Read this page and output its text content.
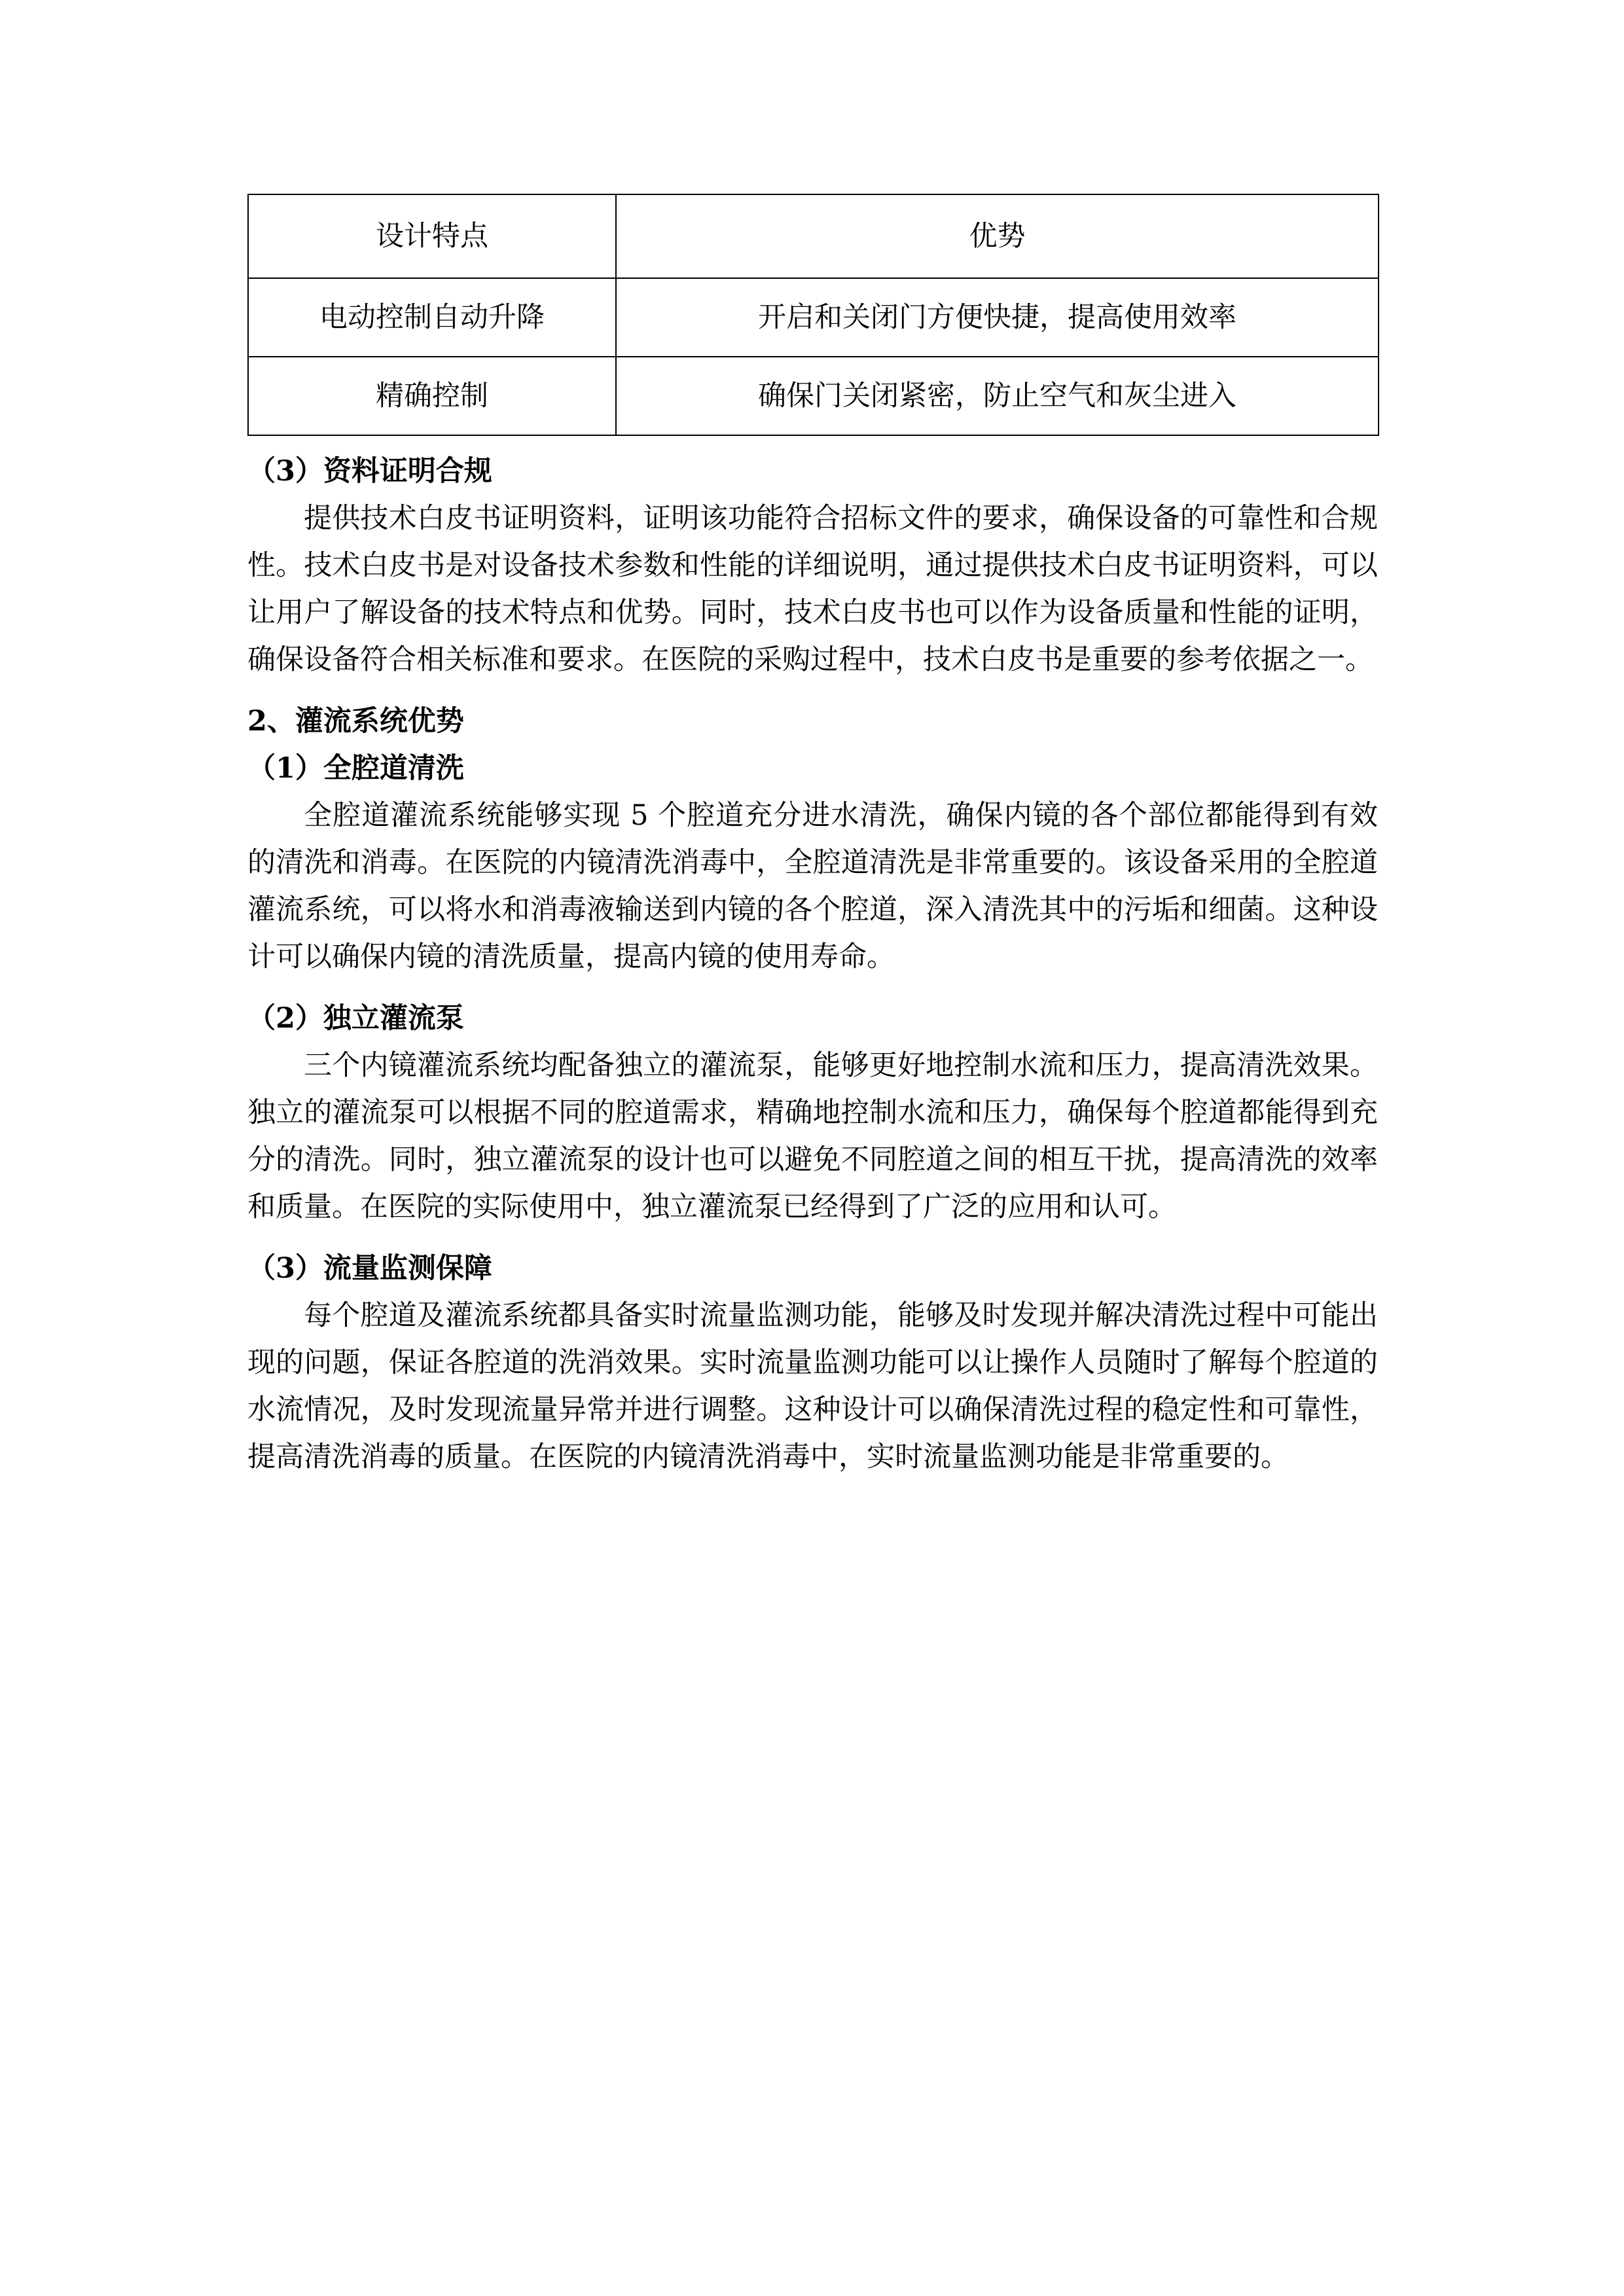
设计特点	优势
电动控制自动升降	开启和关闭门方便快捷，提高使用效率
精确控制	确保门关闭紧密，防止空气和灰尘进入
（3）资料证明合规

提供技术白皮书证明资料，证明该功能符合招标文件的要求，确保设备的可靠性和合规性。技术白皮书是对设备技术参数和性能的详细说明，通过提供技术白皮书证明资料，可以让用户了解设备的技术特点和优势。同时，技术白皮书也可以作为设备质量和性能的证明，确保设备符合相关标准和要求。在医院的采购过程中，技术白皮书是重要的参考依据之一。

2、灌流系统优势
（1）全腔道清洗

全腔道灌流系统能够实现 5 个腔道充分进水清洗，确保内镜的各个部位都能得到有效的清洗和消毒。在医院的内镜清洗消毒中，全腔道清洗是非常重要的。该设备采用的全腔道灌流系统，可以将水和消毒液输送到内镜的各个腔道，深入清洗其中的污垢和细菌。这种设计可以确保内镜的清洗质量，提高内镜的使用寿命。

（2）独立灌流泵

三个内镜灌流系统均配备独立的灌流泵，能够更好地控制水流和压力，提高清洗效果。独立的灌流泵可以根据不同的腔道需求，精确地控制水流和压力，确保每个腔道都能得到充分的清洗。同时，独立灌流泵的设计也可以避免不同腔道之间的相互干扰，提高清洗的效率和质量。在医院的实际使用中，独立灌流泵已经得到了广泛的应用和认可。

（3）流量监测保障

每个腔道及灌流系统都具备实时流量监测功能，能够及时发现并解决清洗过程中可能出现的问题，保证各腔道的洗消效果。实时流量监测功能可以让操作人员随时了解每个腔道的水流情况，及时发现流量异常并进行调整。这种设计可以确保清洗过程的稳定性和可靠性，提高清洗消毒的质量。在医院的内镜清洗消毒中，实时流量监测功能是非常重要的。
